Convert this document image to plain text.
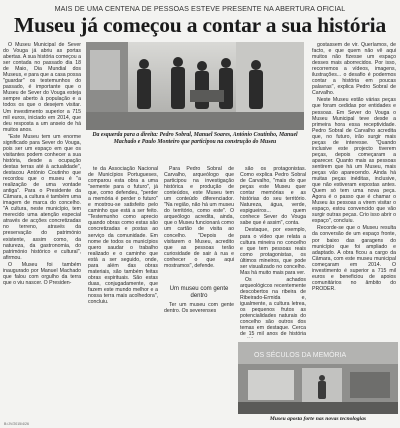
MAIS DE UMA CENTENA DE PESSOAS ESTEVE PRESENTE NA ABERTURA OFICIAL
Museu já começou a contar a sua história

O Museu Municipal de Sever do Vouga já abriu as portas abertas. A sua história começou a ser contada no passado dia 18 de Maio, Dia Mundial dos Museus, e para que a casa possa "guardar" os testemunhos do passado, é importante que o Museu de Sever do Vouga esteja sempre aberto à população e a todos os que o desejem visitar. Um investimento superior a 715 mil euros, iniciado em 2014, que deu resposta a um anseio de há muitos anos.

"Este Museu tem um enorme significado para Sever do Vouga, pois ser um espaço em que os visitantes podem conhecer a sua história, desde a ocupação destas terras até à actualidade", destacou António Coutinho que recordou que o museu é "a realização de uma vontade antiga". Para o Presidente da Câmara, a cultura é também uma imagem de marca do concelho. "A cultura, neste município, tem merecido uma atenção especial através de acções concretizadas no terreno, através da preservação do património existente, assim como, da natureza, da gastronomia, do património histórico e cultural", afirmou.

O Museu foi também inaugurado por Manuel Machado que falou com orgulho da terra que o viu nascer. O Presiden-

Da esquerda para a direita: Pedro Sobral, Manuel Soares, António Coutinho, Manuel Machado e Paulo Monteiro que participou na construção do Museu

te da Associação Nacional de Municípios Portugueses, comparou esta obra a uma "semente para o futuro", já que, como defendeu, "perder a memória é perder o futuro" e mostrou-se satisfeito pelo caminho que está a ser feito. "Testemunho como aprecio quando obras como estas são concretizadas e postas ao serviço da comunidade. Em nome de todos os municípios quero saudar o trabalho realizado e o caminho que está a ser seguido, onde, para além das obras materiais, são também feitas obras espirituais. São estas duas, conjugadamente, que fazem este mundo melhor e a nossa terra mais acolhedora", concluiu.

Para Pedro Sobral de Carvalho, arqueólogo que participou na investigação histórica e produção de conteúdos, este Museu tem um conteúdo diferenciador. "Na região, não há um museu do território, como este". O arqueólogo acredita, ainda, que o Museu funcionará como um cartão de visita ao concelho. "Depois de visitarem o Museu, acredito que as pessoas terão curiosidade de sair à rua e conhecer o que aqui mostramos", defende.

Um museu com gente dentro

Ter um museu com gente dentro. Os severenses

são os protagonistas. Como explica Pedro Sobral de Carvalho, "mais do que peças este Museu quer contar memórias e as histórias do seu território. Natureza, água, verde, espigueiros... quem conhece Sever do Vouga sabe que é assim", conta.

Destaque, por exemplo, para o vídeo que relata a cultura mineira no concelho e que tem pessoas reais como protagonistas, os últimos mineiros, que pode ser visualizado no concelho. Mas há muito mais para ver.

Os achados arqueológicos recentemente descobertos na ribeira de Ribeirado-Ermida e, igualmente, a cultura letrea, os pequenos frutos as potencialidades naturais do concelho são outros dos temas em destaque. Cerca de 15 mil anos de história

gostassem de vir. Queríamos, de facto, e que quem não vê aqui muitos não fizesse um espaço desses mais aborrecidos. Por isso, recorremos a vídeos, imagens, ilustrações... o desafio é podermos contar a história em poucas palavras", explica Pedro Sobral de Carvalho.

Neste Museu estão várias peças que foram cedidas por entidades e pessoas. Em Sever do Vouga o Museu Municipal teve desde a primeira hora essa receptividade. Pedro Sobral de Carvalho acredita que, no futuro, irão surgir mais peças de interesse. "Quando inclusive este projecto tiverem peças, depois começaram a aparecer. Quanto mais as pessoas sentirem que há um Museu, mais peças vão aparecendo. Ainda há muitas peças inéditas, inclusive, que não estiveram expostas antes. Quem só tem uma nova peça. Agora é o passo que é chamar o Museu às pessoas a virem visitar o espaço, estou convencido que vão surgir outras peças. Crio isso abrir o espaço", concluiu.

Recorde-se que o Museu resulta da conversão de um espaço fronte, por baixo das garagens do município que foi ampliado e adaptado. A obra ficou a cargo da Câmara, com este museu municipal começaram em 2014. O investimento é superior a 715 mil euros e beneficiou de apoios comunitários no âmbito do PRODER.

OS SÉCULOS DA MEMÓRIA
Museu aposta forte nas novas tecnologias
B:/JV/2015/4/26
